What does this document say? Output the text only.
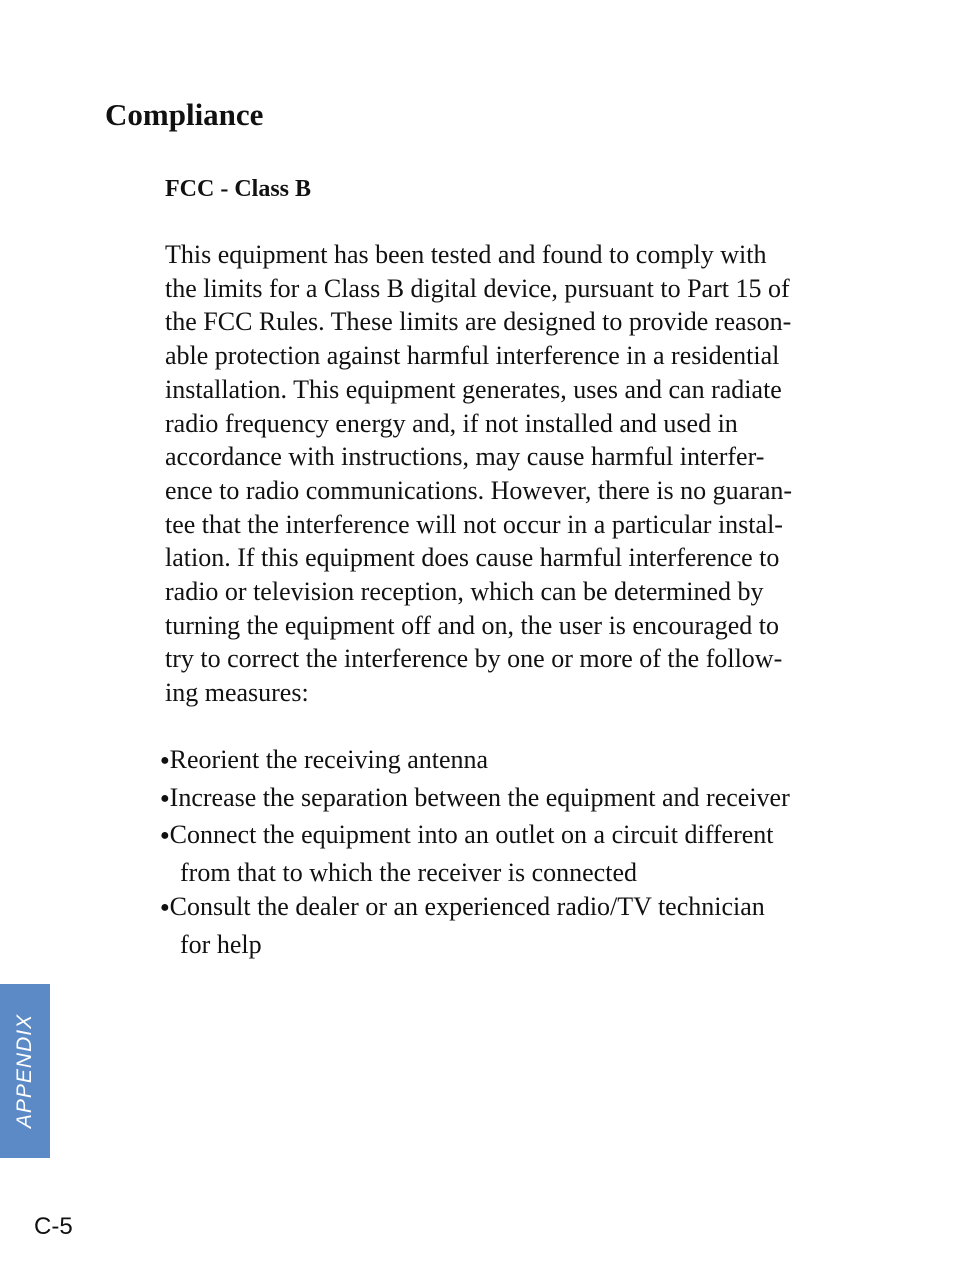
Compliance
FCC - Class B
This equipment has been tested and found to comply with
the limits for a Class B digital device, pursuant to Part 15 of
the FCC Rules. These limits are designed to provide reason-
able protection against harmful interference in a residential
installation. This equipment generates, uses and can radiate
radio frequency energy and, if not installed and used in
accordance with instructions, may cause harmful interfer-
ence to radio communications. However, there is no guaran-
tee that the interference will not occur in a particular instal-
lation. If this equipment does cause harmful interference to
radio or television reception, which can be determined by
turning the equipment off and on, the user is encouraged to
try to correct the interference by one or more of the follow-
ing measures:
●Reorient the receiving antenna
●Increase the separation between the equipment and receiver
●Connect the equipment into an outlet on a circuit different
from that to which the receiver is connected
●Consult the dealer or an experienced radio/TV technician
for help
APPENDIX
C-5
